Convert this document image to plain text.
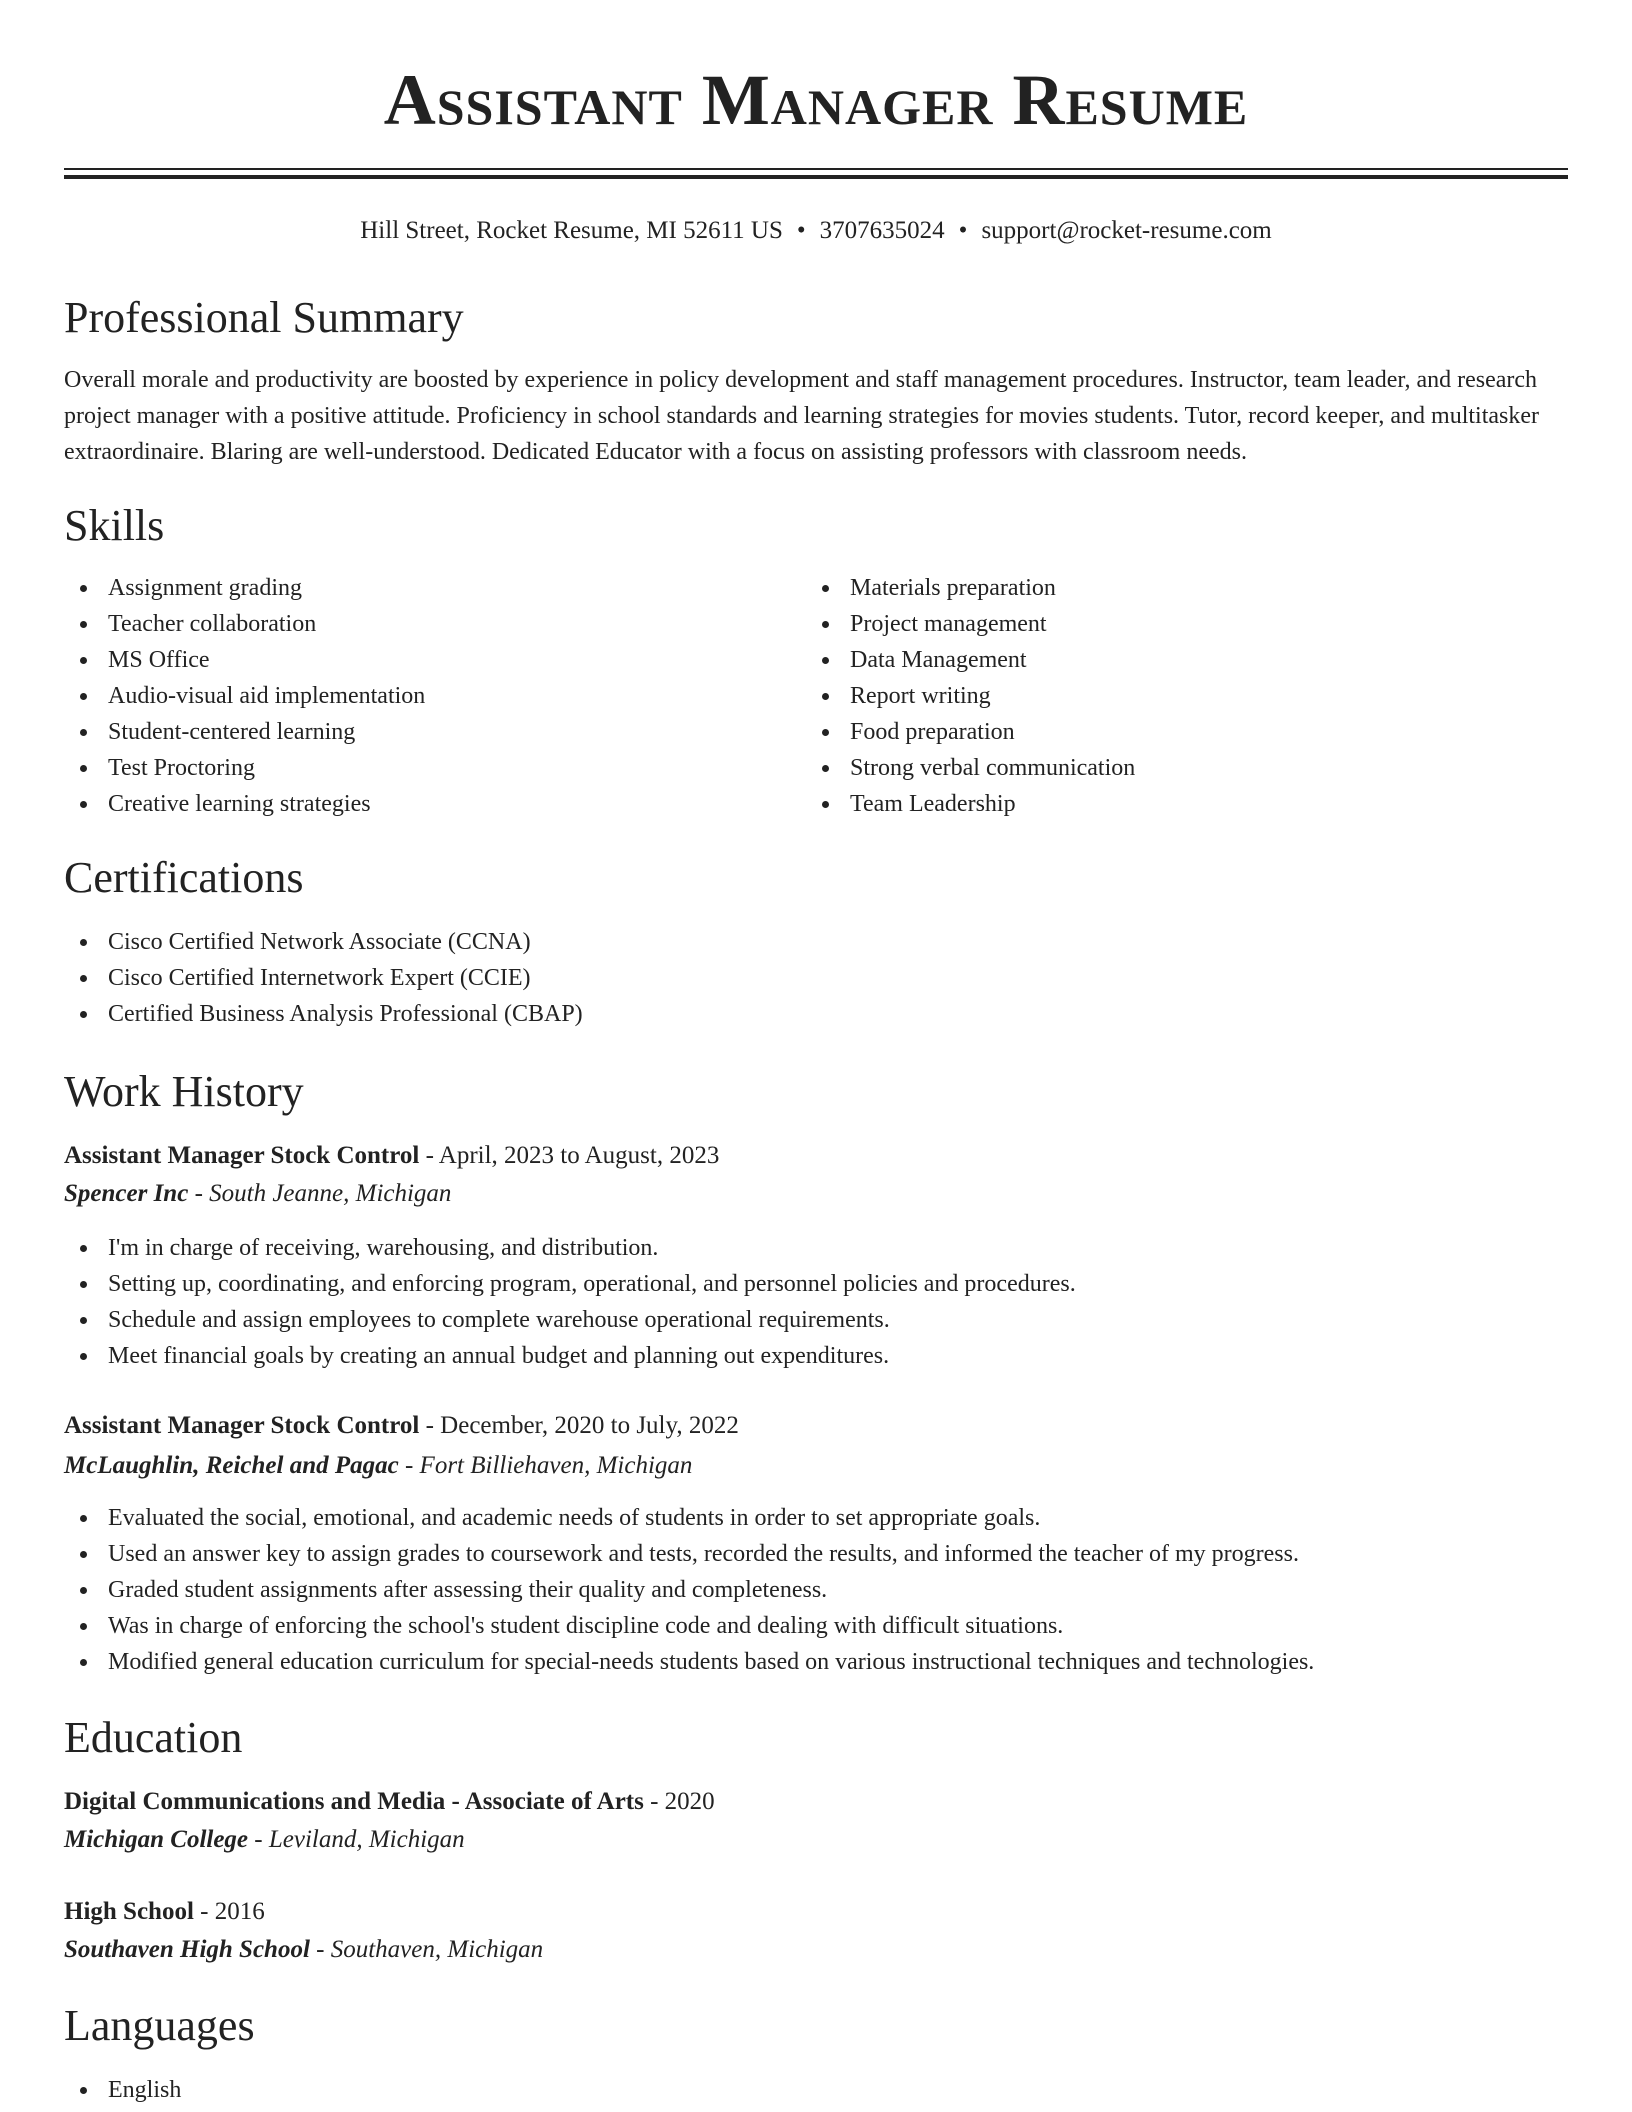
Assistant Manager Resume
Hill Street, Rocket Resume, MI 52611 US • 3707635024 • support@rocket-resume.com
Professional Summary

Overall morale and productivity are boosted by experience in policy development and staff management procedures. Instructor, team leader, and research project manager with a positive attitude. Proficiency in school standards and learning strategies for movies students. Tutor, record keeper, and multitasker extraordinaire. Blaring are well-understood. Dedicated Educator with a focus on assisting professors with classroom needs.

Skills
Assignment grading
Teacher collaboration
MS Office
Audio-visual aid implementation
Student-centered learning
Test Proctoring
Creative learning strategies
Materials preparation
Project management
Data Management
Report writing
Food preparation
Strong verbal communication
Team Leadership
Certifications
Cisco Certified Network Associate (CCNA)
Cisco Certified Internetwork Expert (CCIE)
Certified Business Analysis Professional (CBAP)
Work History

Assistant Manager Stock Control - April, 2023 to August, 2023

Spencer Inc - South Jeanne, Michigan

I'm in charge of receiving, warehousing, and distribution.
Setting up, coordinating, and enforcing program, operational, and personnel policies and procedures.
Schedule and assign employees to complete warehouse operational requirements.
Meet financial goals by creating an annual budget and planning out expenditures.

Assistant Manager Stock Control - December, 2020 to July, 2022

McLaughlin, Reichel and Pagac - Fort Billiehaven, Michigan

Evaluated the social, emotional, and academic needs of students in order to set appropriate goals.
Used an answer key to assign grades to coursework and tests, recorded the results, and informed the teacher of my progress.
Graded student assignments after assessing their quality and completeness.
Was in charge of enforcing the school's student discipline code and dealing with difficult situations.
Modified general education curriculum for special-needs students based on various instructional techniques and technologies.
Education

Digital Communications and Media - Associate of Arts - 2020

Michigan College - Leviland, Michigan

High School - 2016

Southaven High School - Southaven, Michigan

Languages
English
